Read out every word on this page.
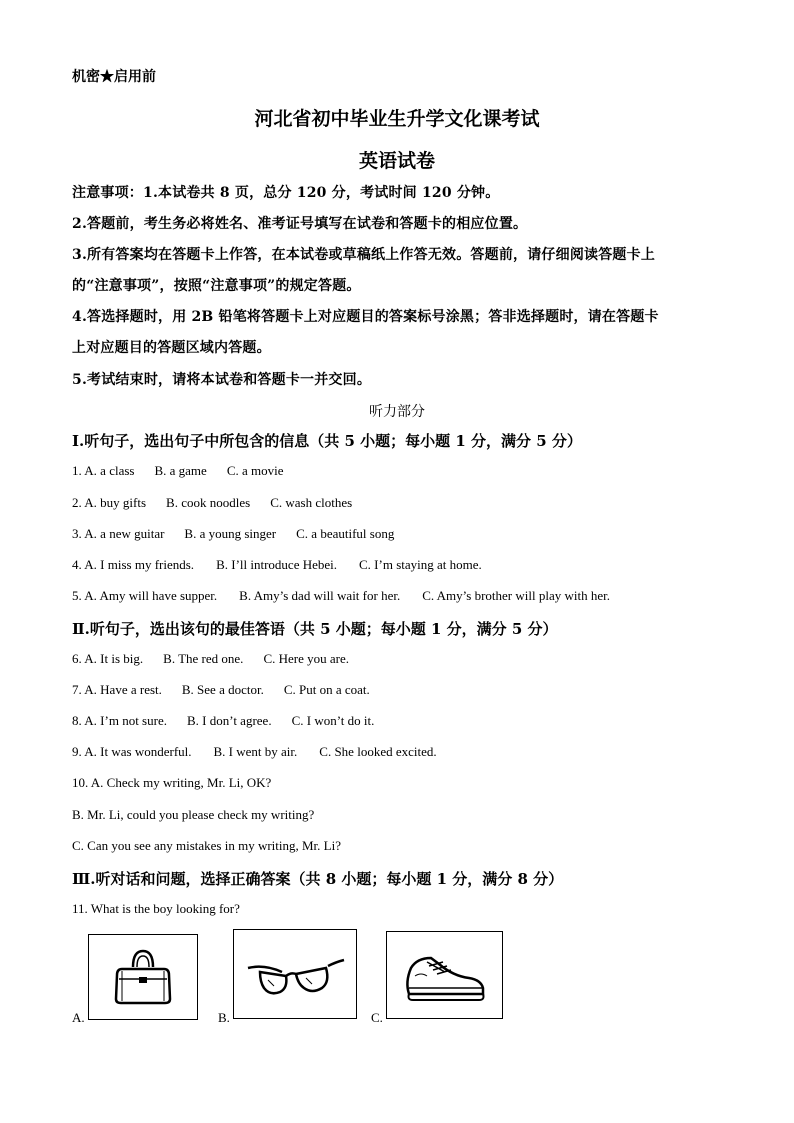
机密★启用前
河北省初中毕业生升学文化课考试
英语试卷
注意事项：1.本试卷共 8 页，总分 120 分，考试时间 120 分钟。
2.答题前，考生务必将姓名、准考证号填写在试卷和答题卡的相应位置。
3.所有答案均在答题卡上作答，在本试卷或草稿纸上作答无效。答题前，请仔细阅读答题卡上
的“注意事项”，按照“注意事项”的规定答题。
4.答选择题时，用 2B 铅笔将答题卡上对应题目的答案标号涂黑；答非选择题时，请在答题卡
上对应题目的答题区域内答题。
5.考试结束时，请将本试卷和答题卡一并交回。
听力部分
Ⅰ.听句子，选出句子中所包含的信息（共 5 小题；每小题 1 分，满分 5 分）
1. A. a class B. a game C. a movie
2. A. buy gifts B. cook noodles C. wash clothes
3. A. a new guitar B. a young singer C. a beautiful song
4. A. I miss my friends. B. I’ll introduce Hebei. C. I’m staying at home.
5. A. Amy will have supper. B. Amy’s dad will wait for her. C. Amy’s brother will play with her.
Ⅱ.听句子，选出该句的最佳答语（共 5 小题；每小题 1 分，满分 5 分）
6. A. It is big. B. The red one. C. Here you are.
7. A. Have a rest. B. See a doctor. C. Put on a coat.
8. A. I’m not sure. B. I don’t agree. C. I won’t do it.
9. A. It was wonderful. B. I went by air. C. She looked excited.
10. A. Check my writing, Mr. Li, OK?
B. Mr. Li, could you please check my writing?
C. Can you see any mistakes in my writing, Mr. Li?
Ⅲ.听对话和问题，选择正确答案（共 8 小题；每小题 1 分，满分 8 分）
11. What is the boy looking for?
A.	B.	C.
